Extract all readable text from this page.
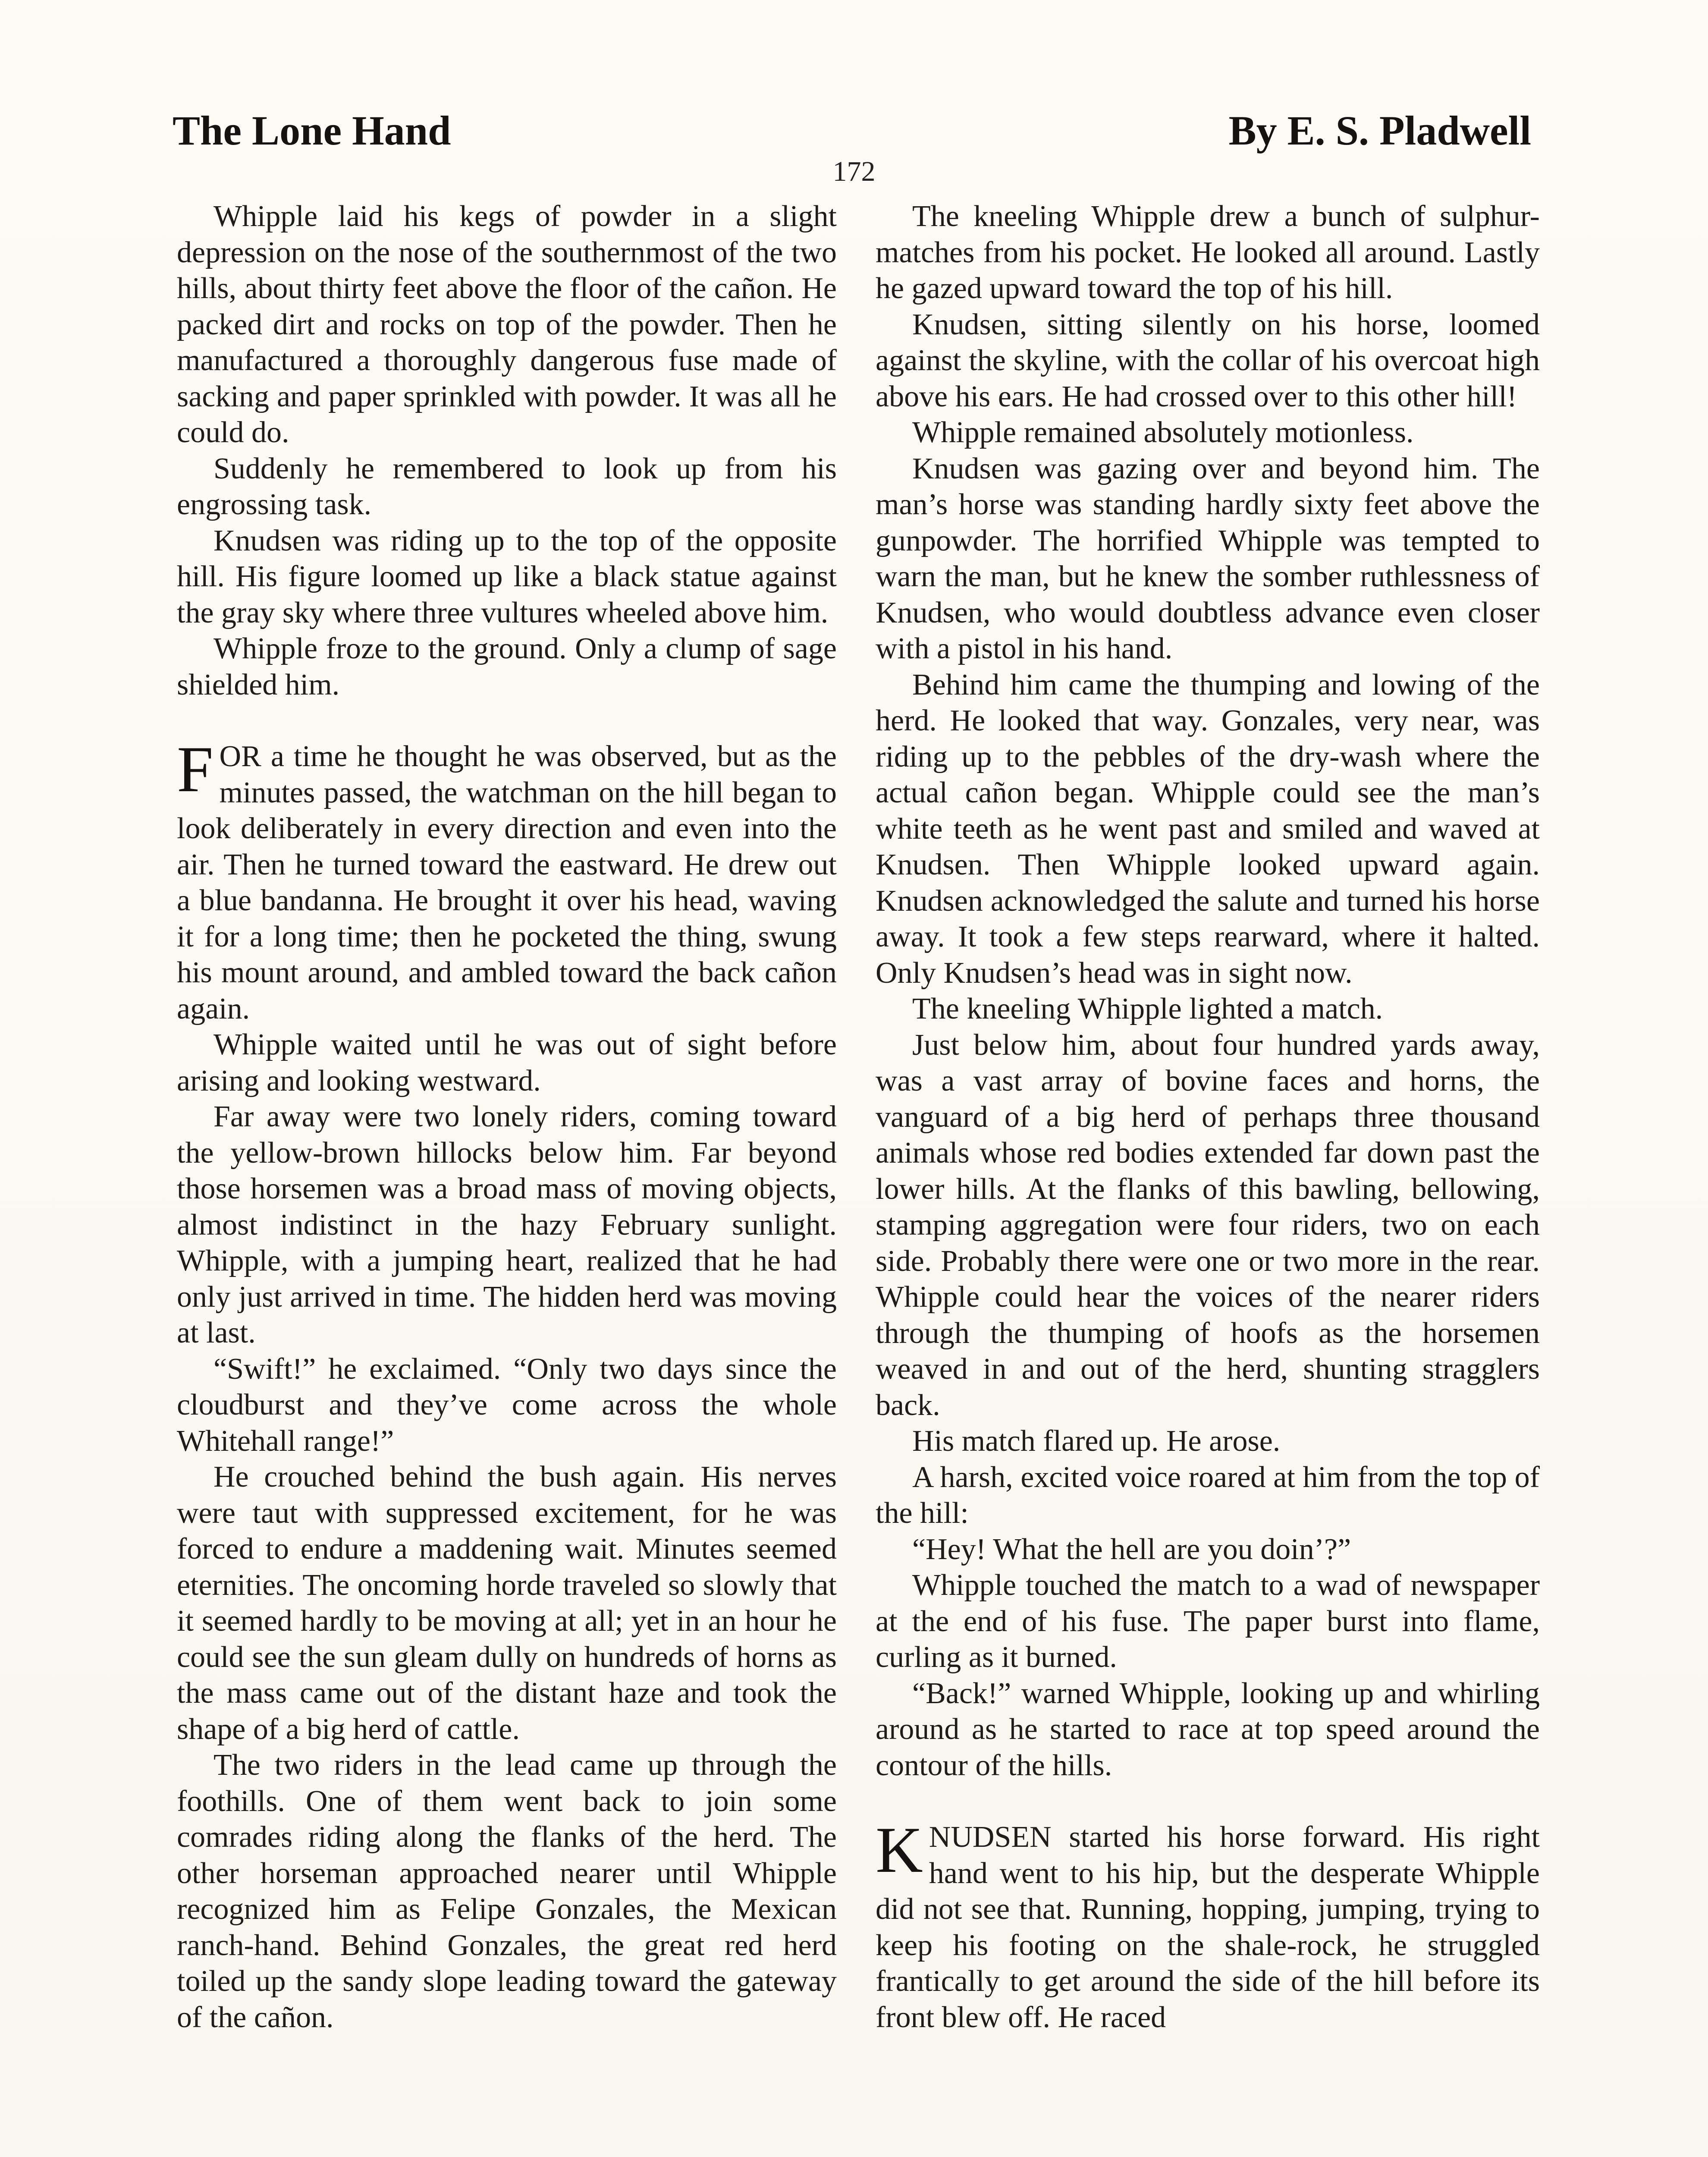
The Lone Hand	By E. S. Pladwell
172

Whipple laid his kegs of powder in a slight depression on the nose of the southernmost of the two hills, about thirty feet above the floor of the cañon. He packed dirt and rocks on top of the powder. Then he manufactured a thoroughly dangerous fuse made of sacking and paper sprinkled with powder. It was all he could do.

Suddenly he remembered to look up from his engrossing task.

Knudsen was riding up to the top of the opposite hill. His figure loomed up like a black statue against the gray sky where three vultures wheeled above him.

Whipple froze to the ground. Only a clump of sage shielded him.

FOR a time he thought he was observed, but as the minutes passed, the watchman on the hill began to look deliberately in every direction and even into the air. Then he turned toward the eastward. He drew out a blue bandanna. He brought it over his head, waving it for a long time; then he pocketed the thing, swung his mount around, and ambled toward the back cañon again.

Whipple waited until he was out of sight before arising and looking westward.

Far away were two lonely riders, coming toward the yellow-brown hillocks below him. Far beyond those horsemen was a broad mass of moving objects, almost indistinct in the hazy February sunlight. Whipple, with a jumping heart, realized that he had only just arrived in time. The hidden herd was moving at last.

“Swift!” he exclaimed. “Only two days since the cloudburst and they’ve come across the whole Whitehall range!”

He crouched behind the bush again. His nerves were taut with suppressed excitement, for he was forced to endure a maddening wait. Minutes seemed eternities. The oncoming horde traveled so slowly that it seemed hardly to be moving at all; yet in an hour he could see the sun gleam dully on hundreds of horns as the mass came out of the distant haze and took the shape of a big herd of cattle.

The two riders in the lead came up through the foothills. One of them went back to join some comrades riding along the flanks of the herd. The other horseman approached nearer until Whipple recognized him as Felipe Gonzales, the Mexican ranch-hand. Behind Gonzales, the great red herd toiled up the sandy slope leading toward the gateway of the cañon.

The kneeling Whipple drew a bunch of sulphur-matches from his pocket. He looked all around. Lastly he gazed upward toward the top of his hill.

Knudsen, sitting silently on his horse, loomed against the skyline, with the collar of his overcoat high above his ears. He had crossed over to this other hill!

Whipple remained absolutely motionless.

Knudsen was gazing over and beyond him. The man’s horse was standing hardly sixty feet above the gunpowder. The horrified Whipple was tempted to warn the man, but he knew the somber ruthlessness of Knudsen, who would doubtless advance even closer with a pistol in his hand.

Behind him came the thumping and lowing of the herd. He looked that way. Gonzales, very near, was riding up to the pebbles of the dry-wash where the actual cañon began. Whipple could see the man’s white teeth as he went past and smiled and waved at Knudsen. Then Whipple looked upward again. Knudsen acknowledged the salute and turned his horse away. It took a few steps rearward, where it halted. Only Knudsen’s head was in sight now.

The kneeling Whipple lighted a match.

Just below him, about four hundred yards away, was a vast array of bovine faces and horns, the vanguard of a big herd of perhaps three thousand animals whose red bodies extended far down past the lower hills. At the flanks of this bawling, bellowing, stamping aggregation were four riders, two on each side. Probably there were one or two more in the rear. Whipple could hear the voices of the nearer riders through the thumping of hoofs as the horsemen weaved in and out of the herd, shunting stragglers back.

His match flared up. He arose.

A harsh, excited voice roared at him from the top of the hill:

“Hey! What the hell are you doin’?”

Whipple touched the match to a wad of newspaper at the end of his fuse. The paper burst into flame, curling as it burned.

“Back!” warned Whipple, looking up and whirling around as he started to race at top speed around the contour of the hills.

KNUDSEN started his horse forward. His right hand went to his hip, but the desperate Whipple did not see that. Running, hopping, jumping, trying to keep his footing on the shale-rock, he struggled frantically to get around the side of the hill before its front blew off. He raced
